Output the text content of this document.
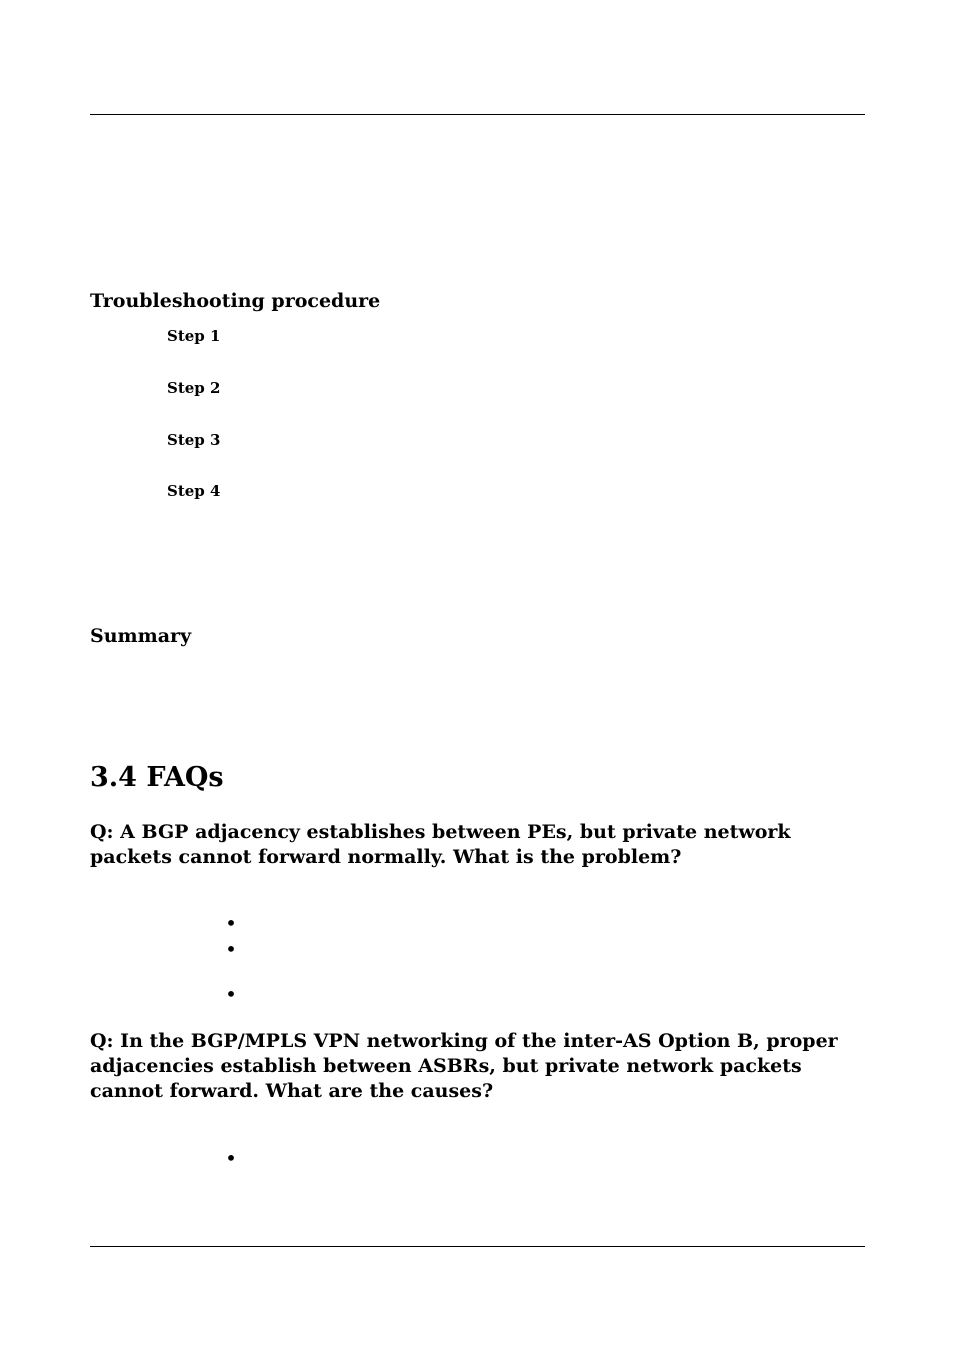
Troubleshooting procedure
Step 1
Step 2
Step 3
Step 4
Summary
3.4 FAQs
Q: A BGP adjacency establishes between PEs, but private network packets cannot forward normally. What is the problem?
•
•
•
Q: In the BGP/MPLS VPN networking of the inter-AS Option B, proper adjacencies establish between ASBRs, but private network packets cannot forward. What are the causes?
•
